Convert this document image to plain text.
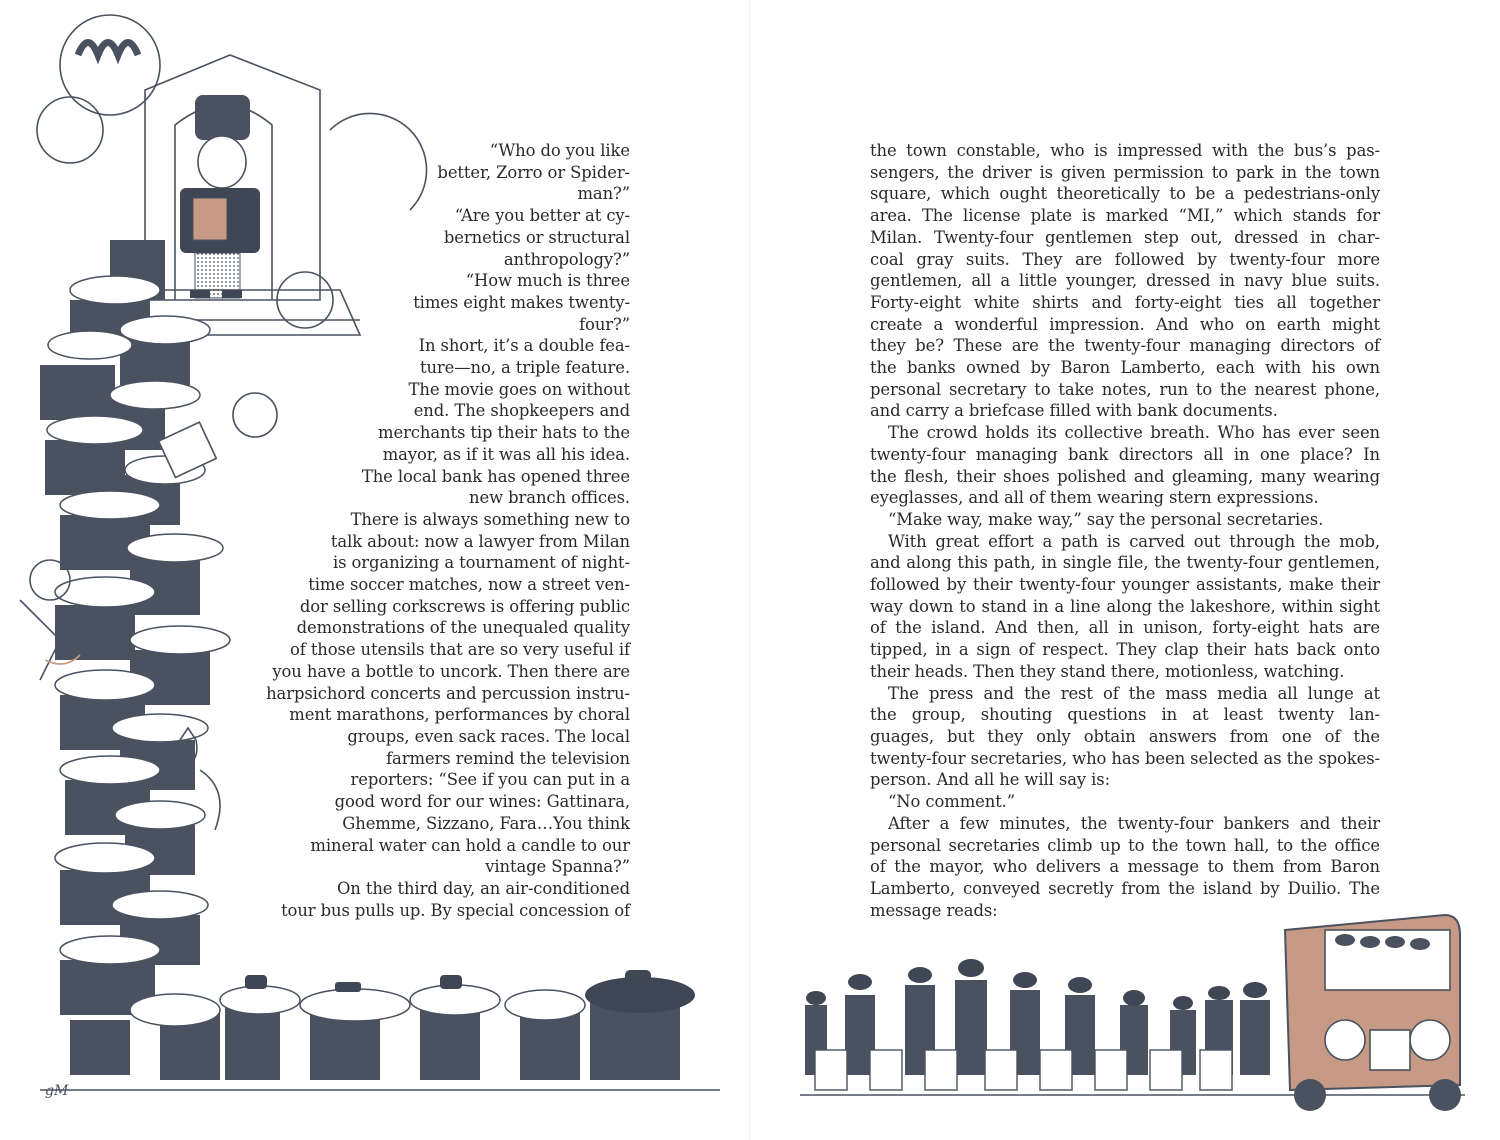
gM
“Who do you like
better, Zorro or Spider-
man?”
“Are you better at cy-
bernetics or structural
anthropology?”
“How much is three
times eight makes twenty-
four?”
In short, it’s a double fea-
ture—no, a triple feature.
The movie goes on without
end. The shopkeepers and
merchants tip their hats to the
mayor, as if it was all his idea.
The local bank has opened three
new branch offices.
There is always something new to
talk about: now a lawyer from Milan
is organizing a tournament of night-
time soccer matches, now a street ven-
dor selling corkscrews is offering public
demonstrations of the unequaled quality
of those utensils that are so very useful if
you have a bottle to uncork. Then there are
harpsichord concerts and percussion instru-
ment marathons, performances by choral
groups, even sack races. The local
farmers remind the television
reporters: “See if you can put in a
good word for our wines: Gattinara,
Ghemme, Sizzano, Fara…You think
mineral water can hold a candle to our
vintage Spanna?”
On the third day, an air-conditioned
tour bus pulls up. By special concession of
the town constable, who is impressed with the bus’s pas-
sengers, the driver is given permission to park in the town
square, which ought theoretically to be a pedestrians-only
area. The license plate is marked “MI,” which stands for
Milan. Twenty-four gentlemen step out, dressed in char-
coal gray suits. They are followed by twenty-four more
gentlemen, all a little younger, dressed in navy blue suits.
Forty-eight white shirts and forty-eight ties all together
create a wonderful impression. And who on earth might
they be? These are the twenty-four managing directors of
the banks owned by Baron Lamberto, each with his own
personal secretary to take notes, run to the nearest phone,
and carry a briefcase filled with bank documents.
The crowd holds its collective breath. Who has ever seen
twenty-four managing bank directors all in one place? In
the flesh, their shoes polished and gleaming, many wearing
eyeglasses, and all of them wearing stern expressions.
“Make way, make way,” say the personal secretaries.
With great effort a path is carved out through the mob,
and along this path, in single file, the twenty-four gentlemen,
followed by their twenty-four younger assistants, make their
way down to stand in a line along the lakeshore, within sight
of the island. And then, all in unison, forty-eight hats are
tipped, in a sign of respect. They clap their hats back onto
their heads. Then they stand there, motionless, watching.
The press and the rest of the mass media all lunge at
the group, shouting questions in at least twenty lan-
guages, but they only obtain answers from one of the
twenty-four secretaries, who has been selected as the spokes-
person. And all he will say is:
“No comment.”
After a few minutes, the twenty-four bankers and their
personal secretaries climb up to the town hall, to the office
of the mayor, who delivers a message to them from Baron
Lamberto, conveyed secretly from the island by Duilio. The
message reads:
